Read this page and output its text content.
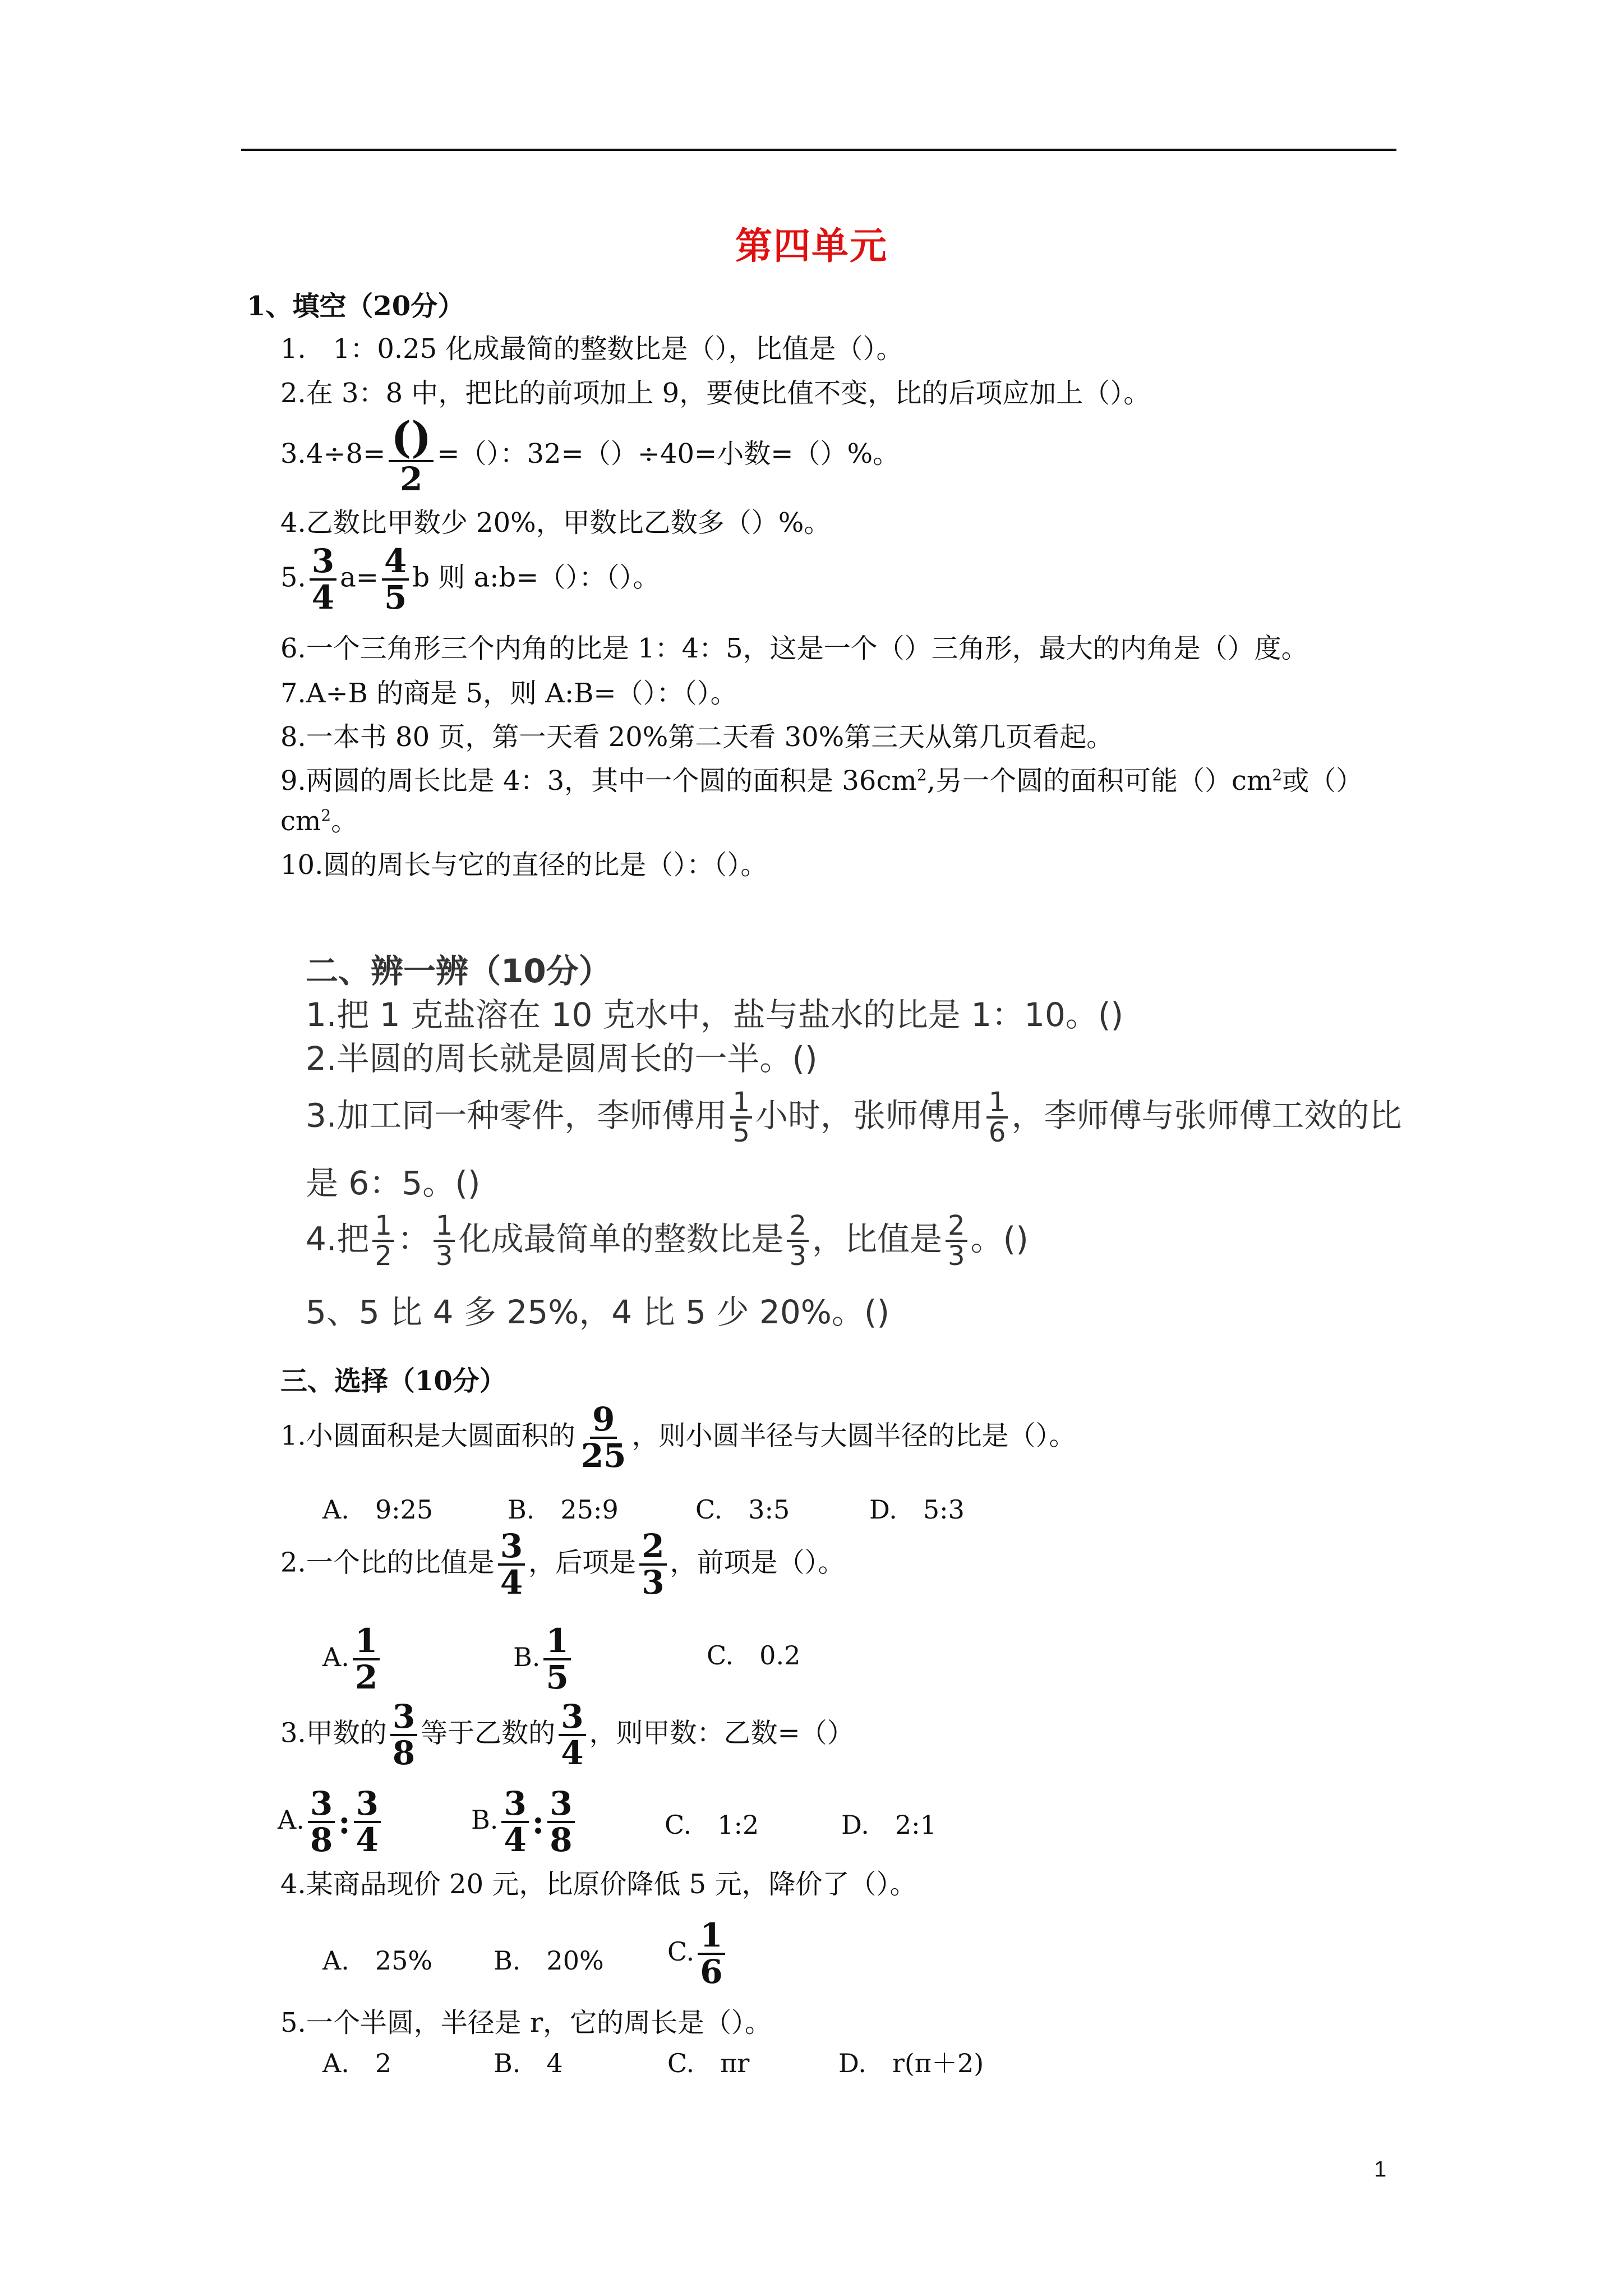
第四单元
1、填空（20分）
1.　1：0.25 化成最简的整数比是（），比值是（）。
2.在 3：8 中，把比的前项加上 9，要使比值不变，比的后项应加上（）。
3.4÷8= ()
2
=（）：32=（）÷40=小数=（）%。
4.乙数比甲数少 20%，甲数比乙数多（）%。
5. $\frac{3}{4} a= \frac{4}{5}$ b 则 a:b=（）：（）。
6.一个三角形三个内角的比是 1：4：5，这是一个（）三角形，最大的内角是（）度。
7.A÷B 的商是 5，则 A:B=（）：（）。
8.一本书 80 页，第一天看 20%第二天看 30%第三天从第几页看起。
9.两圆的周长比是 4：3，其中一个圆的面积是 $36cm^2$,另一个圆的面积可能$()cm^2$或（）
$cm^2$。
10.圆的周长与它的直径的比是（）：（）。
二、辨一辨（10分）
1.把 1 克盐溶在 10 克水中，盐与盐水的比是 1：10。()
2.半圆的周长就是圆周长的一半。()
3.加工同一种零件，李师傅用 $\frac{1}{5}$ 小时，张师傅用 $\frac{1}{6}$ ，李师傅与张师傅工效的比
是 6：5。()
4.把 $\frac{1}{2}$ ： $\frac{1}{3}$ 化成最简单的整数比是 $\frac{2}{3}$ ，比值是 $\frac{2}{3}$ 。()
5、5 比 4 多 25%，4 比 5 少 20%。()
三、选择（10分）
1.小圆面积是大圆面积的 $\frac{9}{25}$ ，则小圆半径与大圆半径的比是（）。
A.　9:25	B.　25:9	C.　3:5	D.　5:3
2.一个比的比值是 $\frac{3}{4}$ ，后项是 $\frac{2}{3}$ ，前项是（）。
A. $\frac{1}{2}$	B. $\frac{1}{5}$	C.　0.2
3.甲数的 $\frac{3}{8}$ 等于乙数的 $\frac{3}{4}$ ，则甲数：乙数=（）
A. $\frac{3}{8}$ : $\frac{3}{4}$	B. $\frac{3}{4}$ : $\frac{3}{8}$	C.　1:2	D.　2:1
4.某商品现价 20 元，比原价降低 5 元，降价了（）。
A.　25% B.　20% C. $\frac{1}{6}$
5.一个半圆，半径是 r，它的周长是（）。
A.　2	B.　4	C.　πr	D.　r(π＋2)
1
